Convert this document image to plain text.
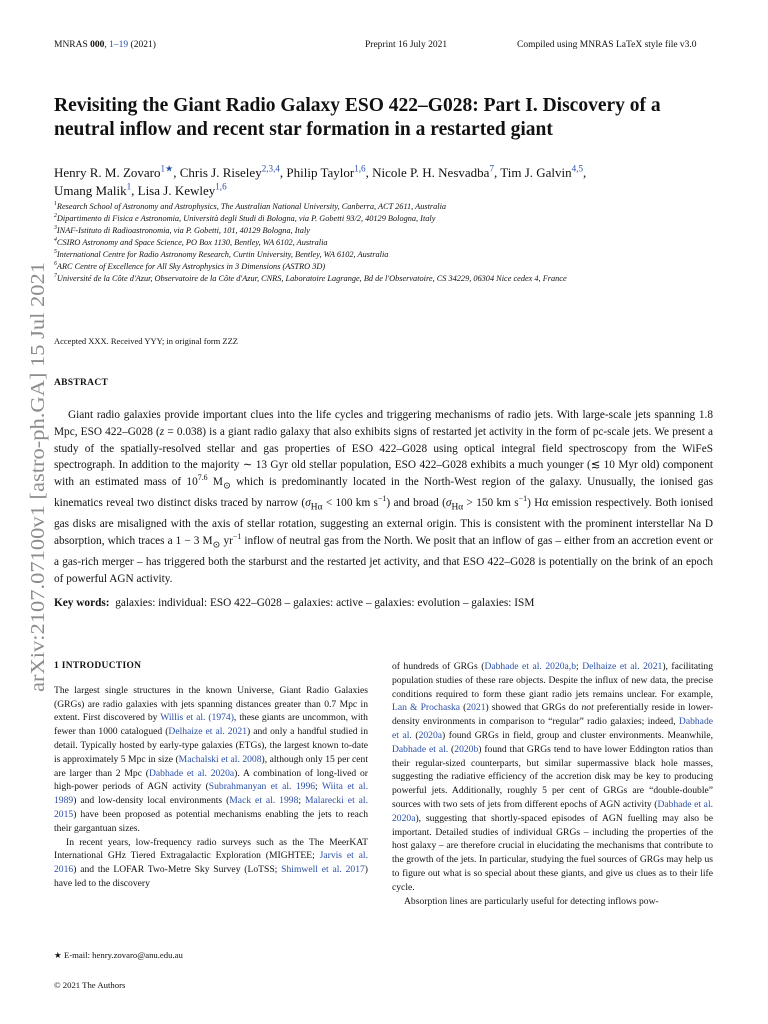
MNRAS 000, 1–19 (2021)	Preprint 16 July 2021	Compiled using MNRAS LaTeX style file v3.0
arXiv:2107.07100v1 [astro-ph.GA] 15 Jul 2021
Revisiting the Giant Radio Galaxy ESO 422–G028: Part I. Discovery of a neutral inflow and recent star formation in a restarted giant
Henry R. M. Zovaro$^{1★}$, Chris J. Riseley$^{2,3,4}$, Philip Taylor$^{1,6}$, Nicole P. H. Nesvadba$^7$, Tim J. Galvin$^{4,5}$,
Umang Malik$^1$, Lisa J. Kewley$^{1,6}$
$^1$Research School of Astronomy and Astrophysics, The Australian National University, Canberra, ACT 2611, Australia
$^2$Dipartimento di Fisica e Astronomia, Università degli Studi di Bologna, via P. Gobetti 93/2, 40129 Bologna, Italy
$^3$INAF-Istituto di Radioastronomia, via P. Gobetti, 101, 40129 Bologna, Italy
$^4$CSIRO Astronomy and Space Science, PO Box 1130, Bentley, WA 6102, Australia
$^5$International Centre for Radio Astronomy Research, Curtin University, Bentley, WA 6102, Australia
$^6$ARC Centre of Excellence for All Sky Astrophysics in 3 Dimensions (ASTRO 3D)
$^7$Université de la Côte d'Azur, Observatoire de la Côte d'Azur, CNRS, Laboratoire Lagrange, Bd de l'Observatoire, CS 34229, 06304 Nice cedex 4, France
Accepted XXX. Received YYY; in original form ZZZ
ABSTRACT

Giant radio galaxies provide important clues into the life cycles and triggering mechanisms of radio jets. With large-scale jets spanning 1.8 Mpc, ESO 422–G028 (z = 0.038) is a giant radio galaxy that also exhibits signs of restarted jet activity in the form of pc-scale jets. We present a study of the spatially-resolved stellar and gas properties of ESO 422–G028 using optical integral field spectroscopy from the WiFeS spectrograph. In addition to the majority ∼ 13 Gyr old stellar population, ESO 422–G028 exhibits a much younger (≲ 10 Myr old) component with an estimated mass of $10^{7.6}$ $M_⊙$ which is predominantly located in the North-West region of the galaxy. Unusually, the ionised gas kinematics reveal two distinct disks traced by narrow ($\sigma_{H\alpha} < 100$ km $s^{-1}$) and broad ($\sigma_{H\alpha} > 150$ km $s^{-1}$) Hα emission respectively. Both ionised gas disks are misaligned with the axis of stellar rotation, suggesting an external origin. This is consistent with the prominent interstellar Na D absorption, which traces a 1 − 3 $M_⊙$ $yr^{-1}$ inflow of neutral gas from the North. We posit that an inflow of gas – either from an accretion event or a gas-rich merger – has triggered both the starburst and the restarted jet activity, and that ESO 422–G028 is potentially on the brink of an epoch of powerful AGN activity.

Key words: galaxies: individual: ESO 422–G028 – galaxies: active – galaxies: evolution – galaxies: ISM
1 INTRODUCTION

The largest single structures in the known Universe, Giant Radio Galaxies (GRGs) are radio galaxies with jets spanning distances greater than 0.7 Mpc in extent. First discovered by Willis et al. (1974), these giants are uncommon, with fewer than 1000 catalogued (Delhaize et al. 2021) and only a handful studied in detail. Typically hosted by early-type galaxies (ETGs), the largest known to-date is approximately 5 Mpc in size (Machalski et al. 2008), although only 15 per cent are larger than 2 Mpc (Dabhade et al. 2020a). A combination of long-lived or high-power periods of AGN activity (Subrahmanyan et al. 1996; Wiita et al. 1989) and low-density local environments (Mack et al. 1998; Malarecki et al. 2015) have been proposed as potential mechanisms enabling the jets to reach their gargantuan sizes.

In recent years, low-frequency radio surveys such as the The MeerKAT International GHz Tiered Extragalactic Exploration (MIGHTEE; Jarvis et al. 2016) and the LOFAR Two-Metre Sky Survey (LoTSS; Shimwell et al. 2017) have led to the discovery

of hundreds of GRGs (Dabhade et al. 2020a,b; Delhaize et al. 2021), facilitating population studies of these rare objects. Despite the influx of new data, the precise conditions required to form these giant radio jets remains unclear. For example, Lan & Prochaska (2021) showed that GRGs do not preferentially reside in lower-density environments in comparison to “regular” radio galaxies; indeed, Dabhade et al. (2020a) found GRGs in field, group and cluster environments. Meanwhile, Dabhade et al. (2020b) found that GRGs tend to have lower Eddington ratios than their regular-sized counterparts, but similar supermassive black hole masses, suggesting the radiative efficiency of the accretion disk may be key to producing powerful jets. Additionally, roughly 5 per cent of GRGs are “double-double” sources with two sets of jets from different epochs of AGN activity (Dabhade et al. 2020a), suggesting that shortly-spaced episodes of AGN fuelling may also be important. Detailed studies of individual GRGs – including the properties of the host galaxy – are therefore crucial in elucidating the mechanisms that contribute to the growth of the jets. In particular, studying the fuel sources of GRGs may help us to figure out what is so special about these giants, and give us clues as to their life cycle.

Absorption lines are particularly useful for detecting inflows pow-

★ E-mail: henry.zovaro@anu.edu.au
© 2021 The Authors
